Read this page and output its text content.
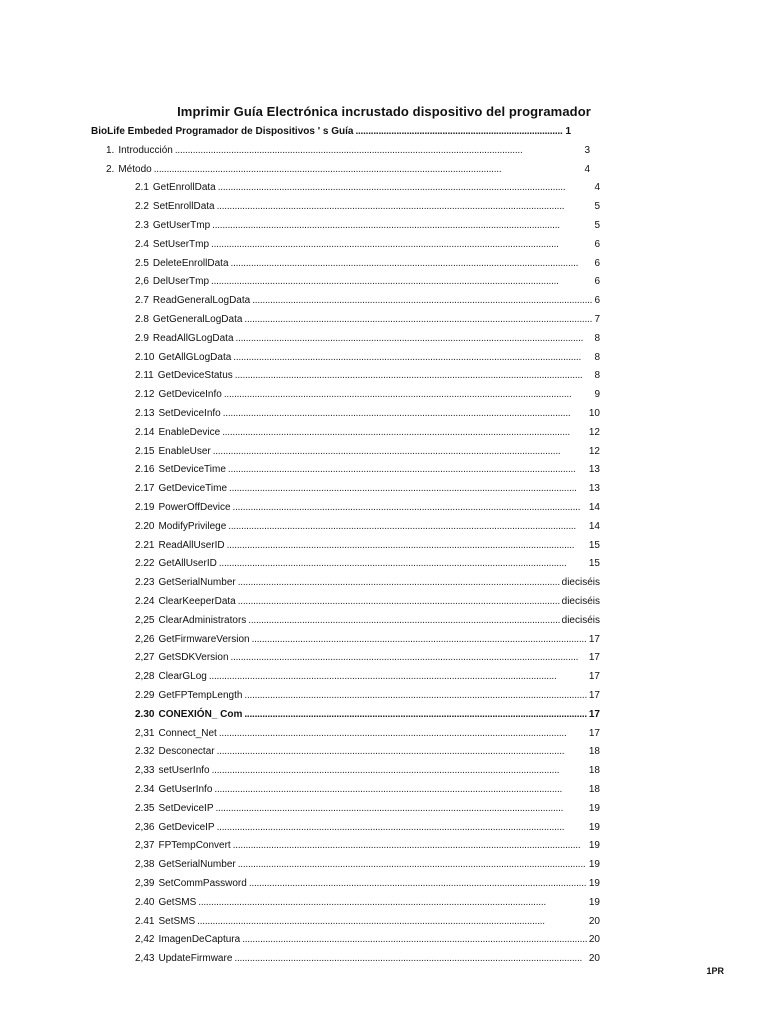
Imprimir Guía Electrónica incrustado dispositivo del programador
BioLife Embeded Programador de Dispositivos ' s Guía . . .	1
1. Introducción . . .	3
2. Método . . .	4
2.1 GetEnrollData . . .	4
2.2 SetEnrollData . . .	5
2.3 GetUserTmp . . .	5
2.4 SetUserTmp . . .	6
2.5 DeleteEnrollData . . .	6
2,6 DelUserTmp . . .	6
2.7 ReadGeneralLogData . . .	6
2.8 GetGeneralLogData . . .	7
2.9 ReadAllGLogData . . .	8
2.10 GetAllGLogData . . .	8
2.11 GetDeviceStatus . . .	8
2.12 GetDeviceInfo . . .	9
2.13 SetDeviceInfo . . .	10
2.14 EnableDevice . . .	12
2.15 EnableUser . . .	12
2.16 SetDeviceTime . . .	13
2.17 GetDeviceTime . . .	13
2.19 PowerOffDevice . . .	14
2.20 ModifyPrivilege . . .	14
2.21 ReadAllUserID . . .	15
2.22 GetAllUserID . . .	15
2.23 GetSerialNumber . . .	dieciséis
2.24 ClearKeeperData . . .	dieciséis
2,25 ClearAdministrators . . .	dieciséis
2,26 GetFirmwareVersion . . .	17
2,27 GetSDKVersion . . .	17
2,28 ClearGLog . . .	17
2.29 GetFPTempLength . . .	17
2.30 CONEXIÓN_ Com . . .	17
2,31 Connect_Net . . .	17
2.32 Desconectar . . .	18
2,33 setUserInfo . . .	18
2.34 GetUserInfo . . .	18
2.35 SetDeviceIP . . .	19
2,36 GetDeviceIP . . .	19
2,37 FPTempConvert . . .	19
2,38 GetSerialNumber . . .	19
2,39 SetCommPassword . . .	19
2.40 GetSMS . . .	19
2.41 SetSMS . . .	20
2,42 ImagenDeCaptura . . .	20
2,43 UpdateFirmware . . .	20
1PR
